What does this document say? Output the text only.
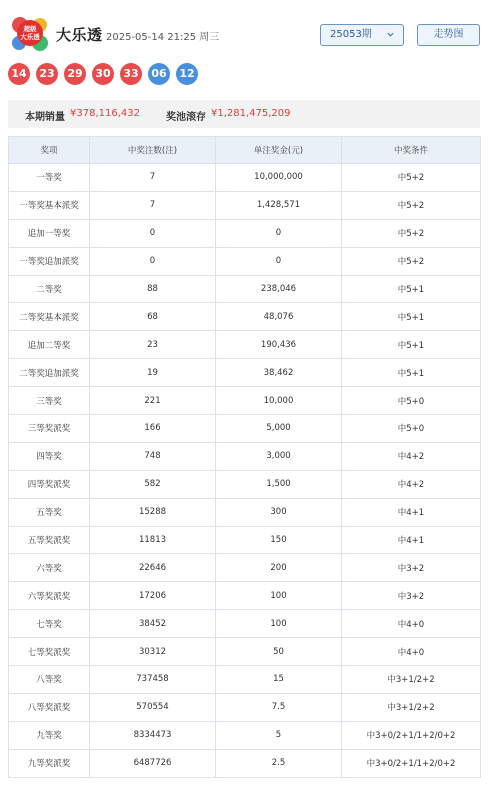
超级
大乐透 大乐透 2025-05-14 21:25 周三	25053期	走势图
14	23	29	30	33	06	12
本期销量 ¥378,116,432	奖池滚存 ¥1,281,475,209
奖项	中奖注数(注)	单注奖金(元)	中奖条件
一等奖	7	10,000,000	中5+2
一等奖基本派奖	7	1,428,571	中5+2
追加一等奖	0	0	中5+2
一等奖追加派奖	0	0	中5+2
二等奖	88	238,046	中5+1
二等奖基本派奖	68	48,076	中5+1
追加二等奖	23	190,436	中5+1
二等奖追加派奖	19	38,462	中5+1
三等奖	221	10,000	中5+0
三等奖派奖	166	5,000	中5+0
四等奖	748	3,000	中4+2
四等奖派奖	582	1,500	中4+2
五等奖	15288	300	中4+1
五等奖派奖	11813	150	中4+1
六等奖	22646	200	中3+2
六等奖派奖	17206	100	中3+2
七等奖	38452	100	中4+0
七等奖派奖	30312	50	中4+0
八等奖	737458	15	中3+1/2+2
八等奖派奖	570554	7.5	中3+1/2+2
九等奖	8334473	5	中3+0/2+1/1+2/0+2
九等奖派奖	6487726	2.5	中3+0/2+1/1+2/0+2
